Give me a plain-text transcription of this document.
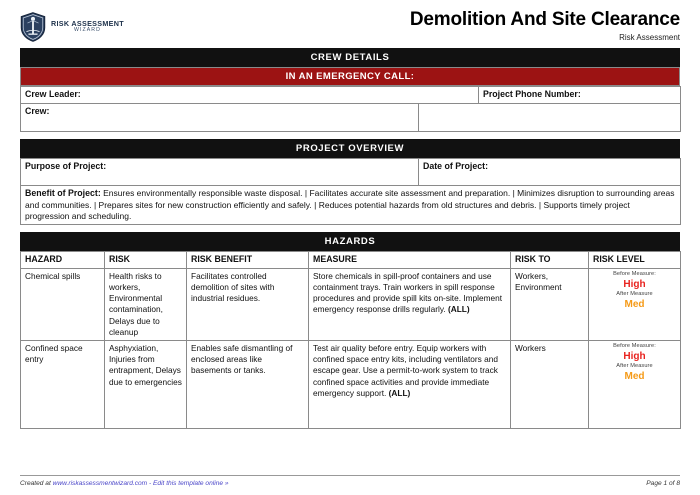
RISK ASSESSMENT
WIZARD
Demolition And Site Clearance
Risk Assessment
CREW DETAILS
IN AN EMERGENCY CALL:
Crew Leader:		Project Phone Number:
Crew:		
PROJECT OVERVIEW
Purpose of Project:	Date of Project:
Benefit of Project: Ensures environmentally responsible waste disposal. | Facilitates accurate site assessment and preparation. | Minimizes disruption to surrounding areas and communities. | Prepares sites for new construction efficiently and safely. | Reduces potential hazards from old structures and debris. | Supports timely project progression and scheduling.
HAZARDS
HAZARD	RISK	RISK BENEFIT	MEASURE	RISK TO	RISK LEVEL
Chemical spills	Health risks to workers, Environmental contamination, Delays due to cleanup	Facilitates controlled demolition of sites with industrial residues.	Store chemicals in spill-proof containers and use containment trays. Train workers in spill response procedures and provide spill kits on-site. Implement emergency response drills regularly. (ALL)	Workers, Environment	Before Measure:
High
After Measure
Med

Confined space entry	Asphyxiation, Injuries from entrapment, Delays due to emergencies	Enables safe dismantling of enclosed areas like basements or tanks.	Test air quality before entry. Equip workers with confined space entry kits, including ventilators and escape gear. Use a permit-to-work system to track confined space activities and provide immediate emergency support. (ALL)	Workers	Before Measure:
High
After Measure
Med
Created at www.riskassessmentwizard.com - Edit this template online »	Page 1 of 8
